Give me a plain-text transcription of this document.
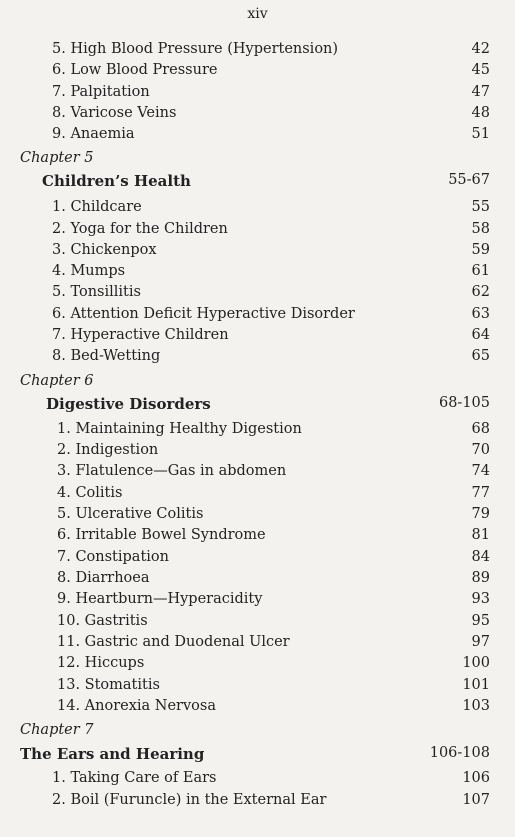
xiv
5. High Blood Pressure (Hypertension)	42
6. Low Blood Pressure	45
7. Palpitation	47
8. Varicose Veins	48
9. Anaemia	51
Chapter 5
Children’s Health	55-67
1. Childcare	55
2. Yoga for the Children	58
3. Chickenpox	59
4. Mumps	61
5. Tonsillitis	62
6. Attention Deficit Hyperactive Disorder	63
7. Hyperactive Children	64
8. Bed-Wetting	65
Chapter 6
Digestive Disorders	68-105
1. Maintaining Healthy Digestion	68
2. Indigestion	70
3. Flatulence—Gas in abdomen	74
4. Colitis	77
5. Ulcerative Colitis	79
6. Irritable Bowel Syndrome	81
7. Constipation	84
8. Diarrhoea	89
9. Heartburn—Hyperacidity	93
10. Gastritis	95
11. Gastric and Duodenal Ulcer	97
12. Hiccups	100
13. Stomatitis	101
14. Anorexia Nervosa	103
Chapter 7
The Ears and Hearing	106-108
1. Taking Care of Ears	106
2. Boil (Furuncle) in the External Ear	107
